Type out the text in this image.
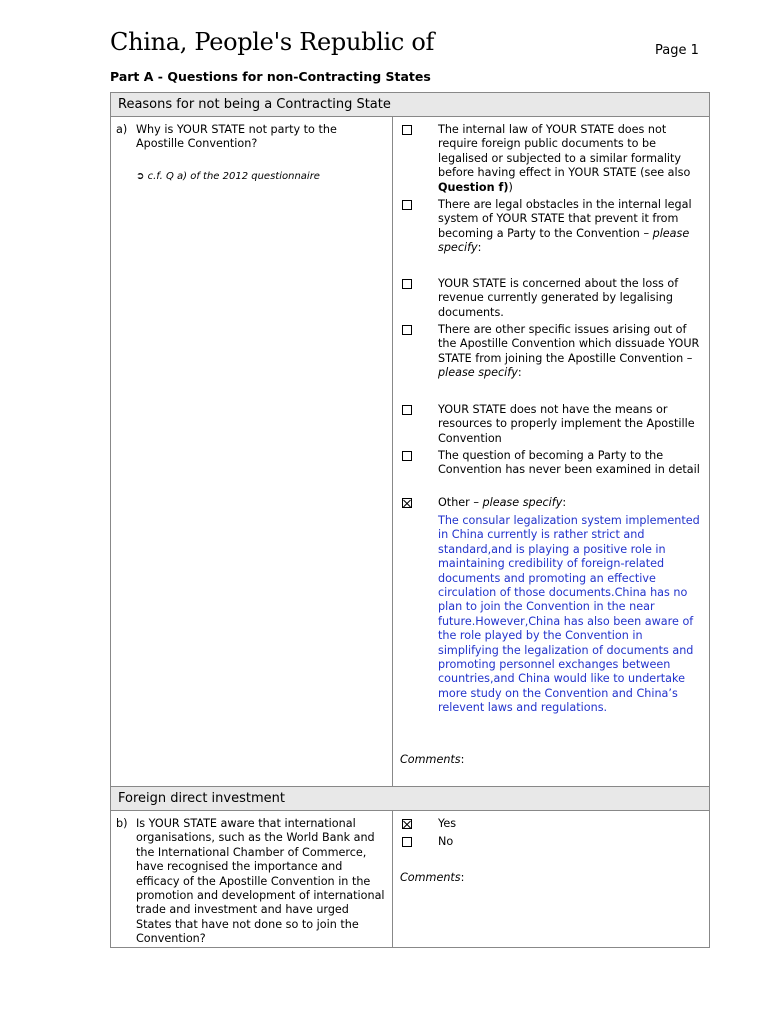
China, People's Republic of	Page 1
Part A - Questions for non-Contracting States
Reasons for not being a Contracting State
a) Why is YOUR STATE not party to the Apostille Convention?
➲ c.f. Q a) of the 2012 questionnaire
The internal law of YOUR STATE does not require foreign public documents to be legalised or subjected to a similar formality before having effect in YOUR STATE (see also Question f))
There are legal obstacles in the internal legal system of YOUR STATE that prevent it from becoming a Party to the Convention – please specify:
YOUR STATE is concerned about the loss of revenue currently generated by legalising documents.
There are other specific issues arising out of the Apostille Convention which dissuade YOUR STATE from joining the Apostille Convention – please specify:
YOUR STATE does not have the means or resources to properly implement the Apostille Convention
The question of becoming a Party to the Convention has never been examined in detail
Other – please specify:
The consular legalization system implemented in China currently is rather strict and standard,and is playing a positive role in maintaining credibility of foreign-related documents and promoting an effective circulation of those documents.China has no plan to join the Convention in the near future.However,China has also been aware of the role played by the Convention in simplifying the legalization of documents and promoting personnel exchanges between countries,and China would like to undertake more study on the Convention and China’s relevent laws and regulations.
Comments:
Foreign direct investment
b) Is YOUR STATE aware that international organisations, such as the World Bank and the International Chamber of Commerce, have recognised the importance and efficacy of the Apostille Convention in the promotion and development of international trade and investment and have urged States that have not done so to join the Convention?
Yes
No
Comments:
